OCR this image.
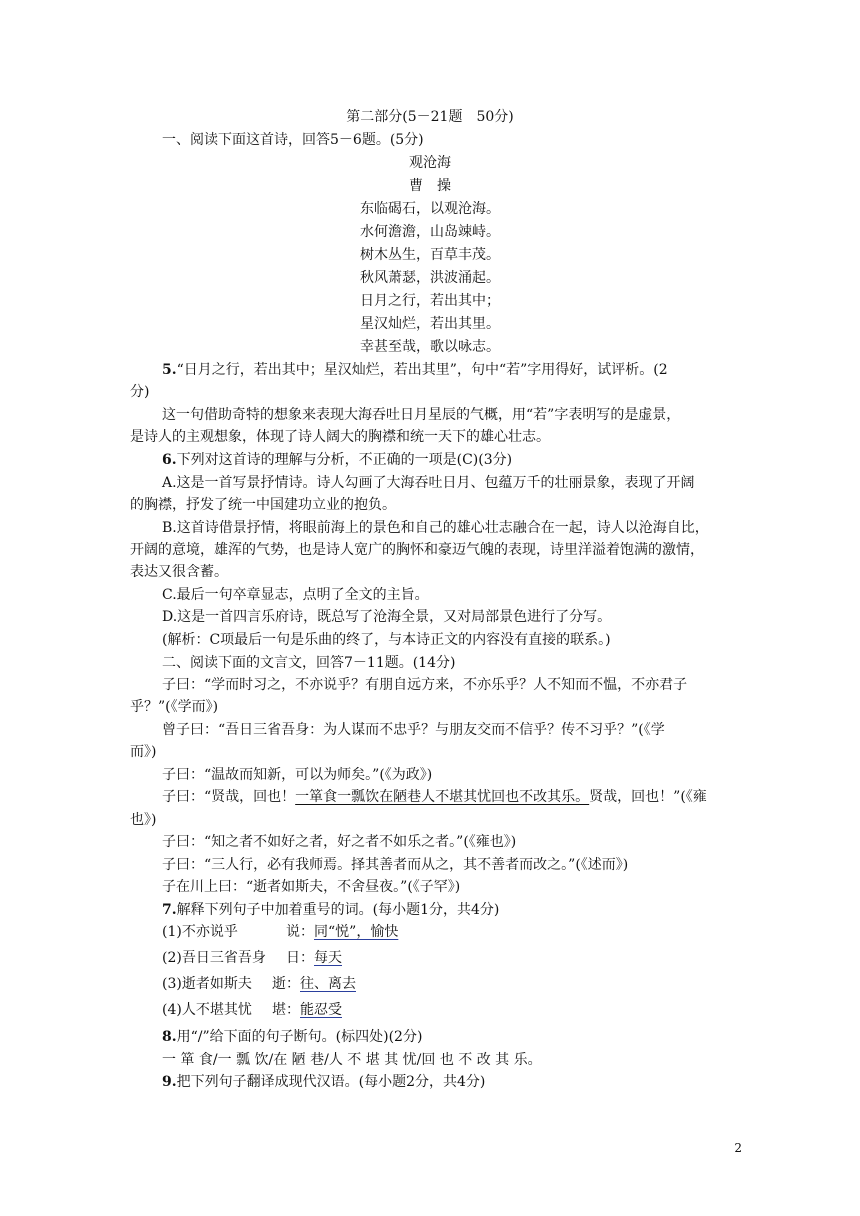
第二部分(5－21题　50分)
一、阅读下面这首诗，回答5－6题。(5分)
观沧海
曹　操
东临碣石，以观沧海。
水何澹澹，山岛竦峙。
树木丛生，百草丰茂。
秋风萧瑟，洪波涌起。
日月之行，若出其中；
星汉灿烂，若出其里。
幸甚至哉，歌以咏志。
5.“日月之行，若出其中；星汉灿烂，若出其里”，句中“若”字用得好，试评析。(2
分)
这一句借助奇特的想象来表现大海吞吐日月星辰的气概，用“若”字表明写的是虚景，
是诗人的主观想象，体现了诗人阔大的胸襟和统一天下的雄心壮志。
6.下列对这首诗的理解与分析，不正确的一项是(C)(3分)
A.这是一首写景抒情诗。诗人勾画了大海吞吐日月、包蕴万千的壮丽景象，表现了开阔
的胸襟，抒发了统一中国建功立业的抱负。
B.这首诗借景抒情，将眼前海上的景色和自己的雄心壮志融合在一起，诗人以沧海自比，
开阔的意境，雄浑的气势，也是诗人宽广的胸怀和豪迈气魄的表现，诗里洋溢着饱满的激情，
表达又很含蓄。
C.最后一句卒章显志，点明了全文的主旨。
D.这是一首四言乐府诗，既总写了沧海全景，又对局部景色进行了分写。
(解析：C项最后一句是乐曲的终了，与本诗正文的内容没有直接的联系。)
二、阅读下面的文言文，回答7－11题。(14分)
子曰：“学而时习之，不亦说乎？有朋自远方来，不亦乐乎？人不知而不愠，不亦君子
乎？”(《学而》)
曾子曰：“吾日三省吾身：为人谋而不忠乎？与朋友交而不信乎？传不习乎？”(《学
而》)
子曰：“温故而知新，可以为师矣。”(《为政》)
子曰：“贤哉，回也！一箪食一瓢饮在陋巷人不堪其忧回也不改其乐。贤哉，回也！”(《雍
也》)
子曰：“知之者不如好之者，好之者不如乐之者。”(《雍也》)
子曰：“三人行，必有我师焉。择其善者而从之，其不善者而改之。”(《述而》)
子在川上曰：“逝者如斯夫，不舍昼夜。”(《子罕》)
7.解释下列句子中加着重号的词。(每小题1分，共4分)
(1)不亦说乎	说：同“悦”，愉快
(2)吾日三省吾身 日：每天
(3)逝者如斯夫 逝：往、离去
(4)人不堪其忧 堪：能忍受
8.用“/”给下面的句子断句。(标四处)(2分)
一 箪 食/一 瓢 饮/在 陋 巷/人 不 堪 其 忧/回 也 不 改 其 乐。
9.把下列句子翻译成现代汉语。(每小题2分，共4分)
2
